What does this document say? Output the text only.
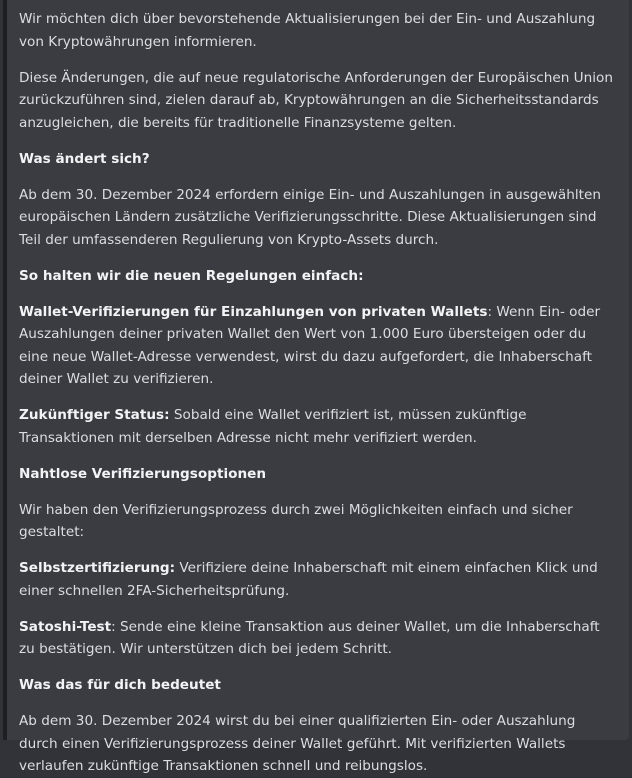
Wir möchten dich über bevorstehende Aktualisierungen bei der Ein- und Auszahlung von Kryptowährungen informieren.

Diese Änderungen, die auf neue regulatorische Anforderungen der Europäischen Union zurückzuführen sind, zielen darauf ab, Kryptowährungen an die Sicherheitsstandards anzugleichen, die bereits für traditionelle Finanzsysteme gelten.

Was ändert sich?

Ab dem 30. Dezember 2024 erfordern einige Ein- und Auszahlungen in ausgewählten europäischen Ländern zusätzliche Verifizierungsschritte. Diese Aktualisierungen sind Teil der umfassenderen Regulierung von Krypto-Assets durch.

So halten wir die neuen Regelungen einfach:

Wallet-Verifizierungen für Einzahlungen von privaten Wallets: Wenn Ein- oder Auszahlungen deiner privaten Wallet den Wert von 1.000 Euro übersteigen oder du eine neue Wallet-Adresse verwendest, wirst du dazu aufgefordert, die Inhaberschaft deiner Wallet zu verifizieren.

Zukünftiger Status: Sobald eine Wallet verifiziert ist, müssen zukünftige Transaktionen mit derselben Adresse nicht mehr verifiziert werden.

Nahtlose Verifizierungsoptionen

Wir haben den Verifizierungsprozess durch zwei Möglichkeiten einfach und sicher gestaltet:

Selbstzertifizierung: Verifiziere deine Inhaberschaft mit einem einfachen Klick und einer schnellen 2FA-Sicherheitsprüfung.

Satoshi-Test: Sende eine kleine Transaktion aus deiner Wallet, um die Inhaberschaft zu bestätigen. Wir unterstützen dich bei jedem Schritt.

Was das für dich bedeutet

Ab dem 30. Dezember 2024 wirst du bei einer qualifizierten Ein- oder Auszahlung durch einen Verifizierungsprozess deiner Wallet geführt. Mit verifizierten Wallets verlaufen zukünftige Transaktionen schnell und reibungslos.
